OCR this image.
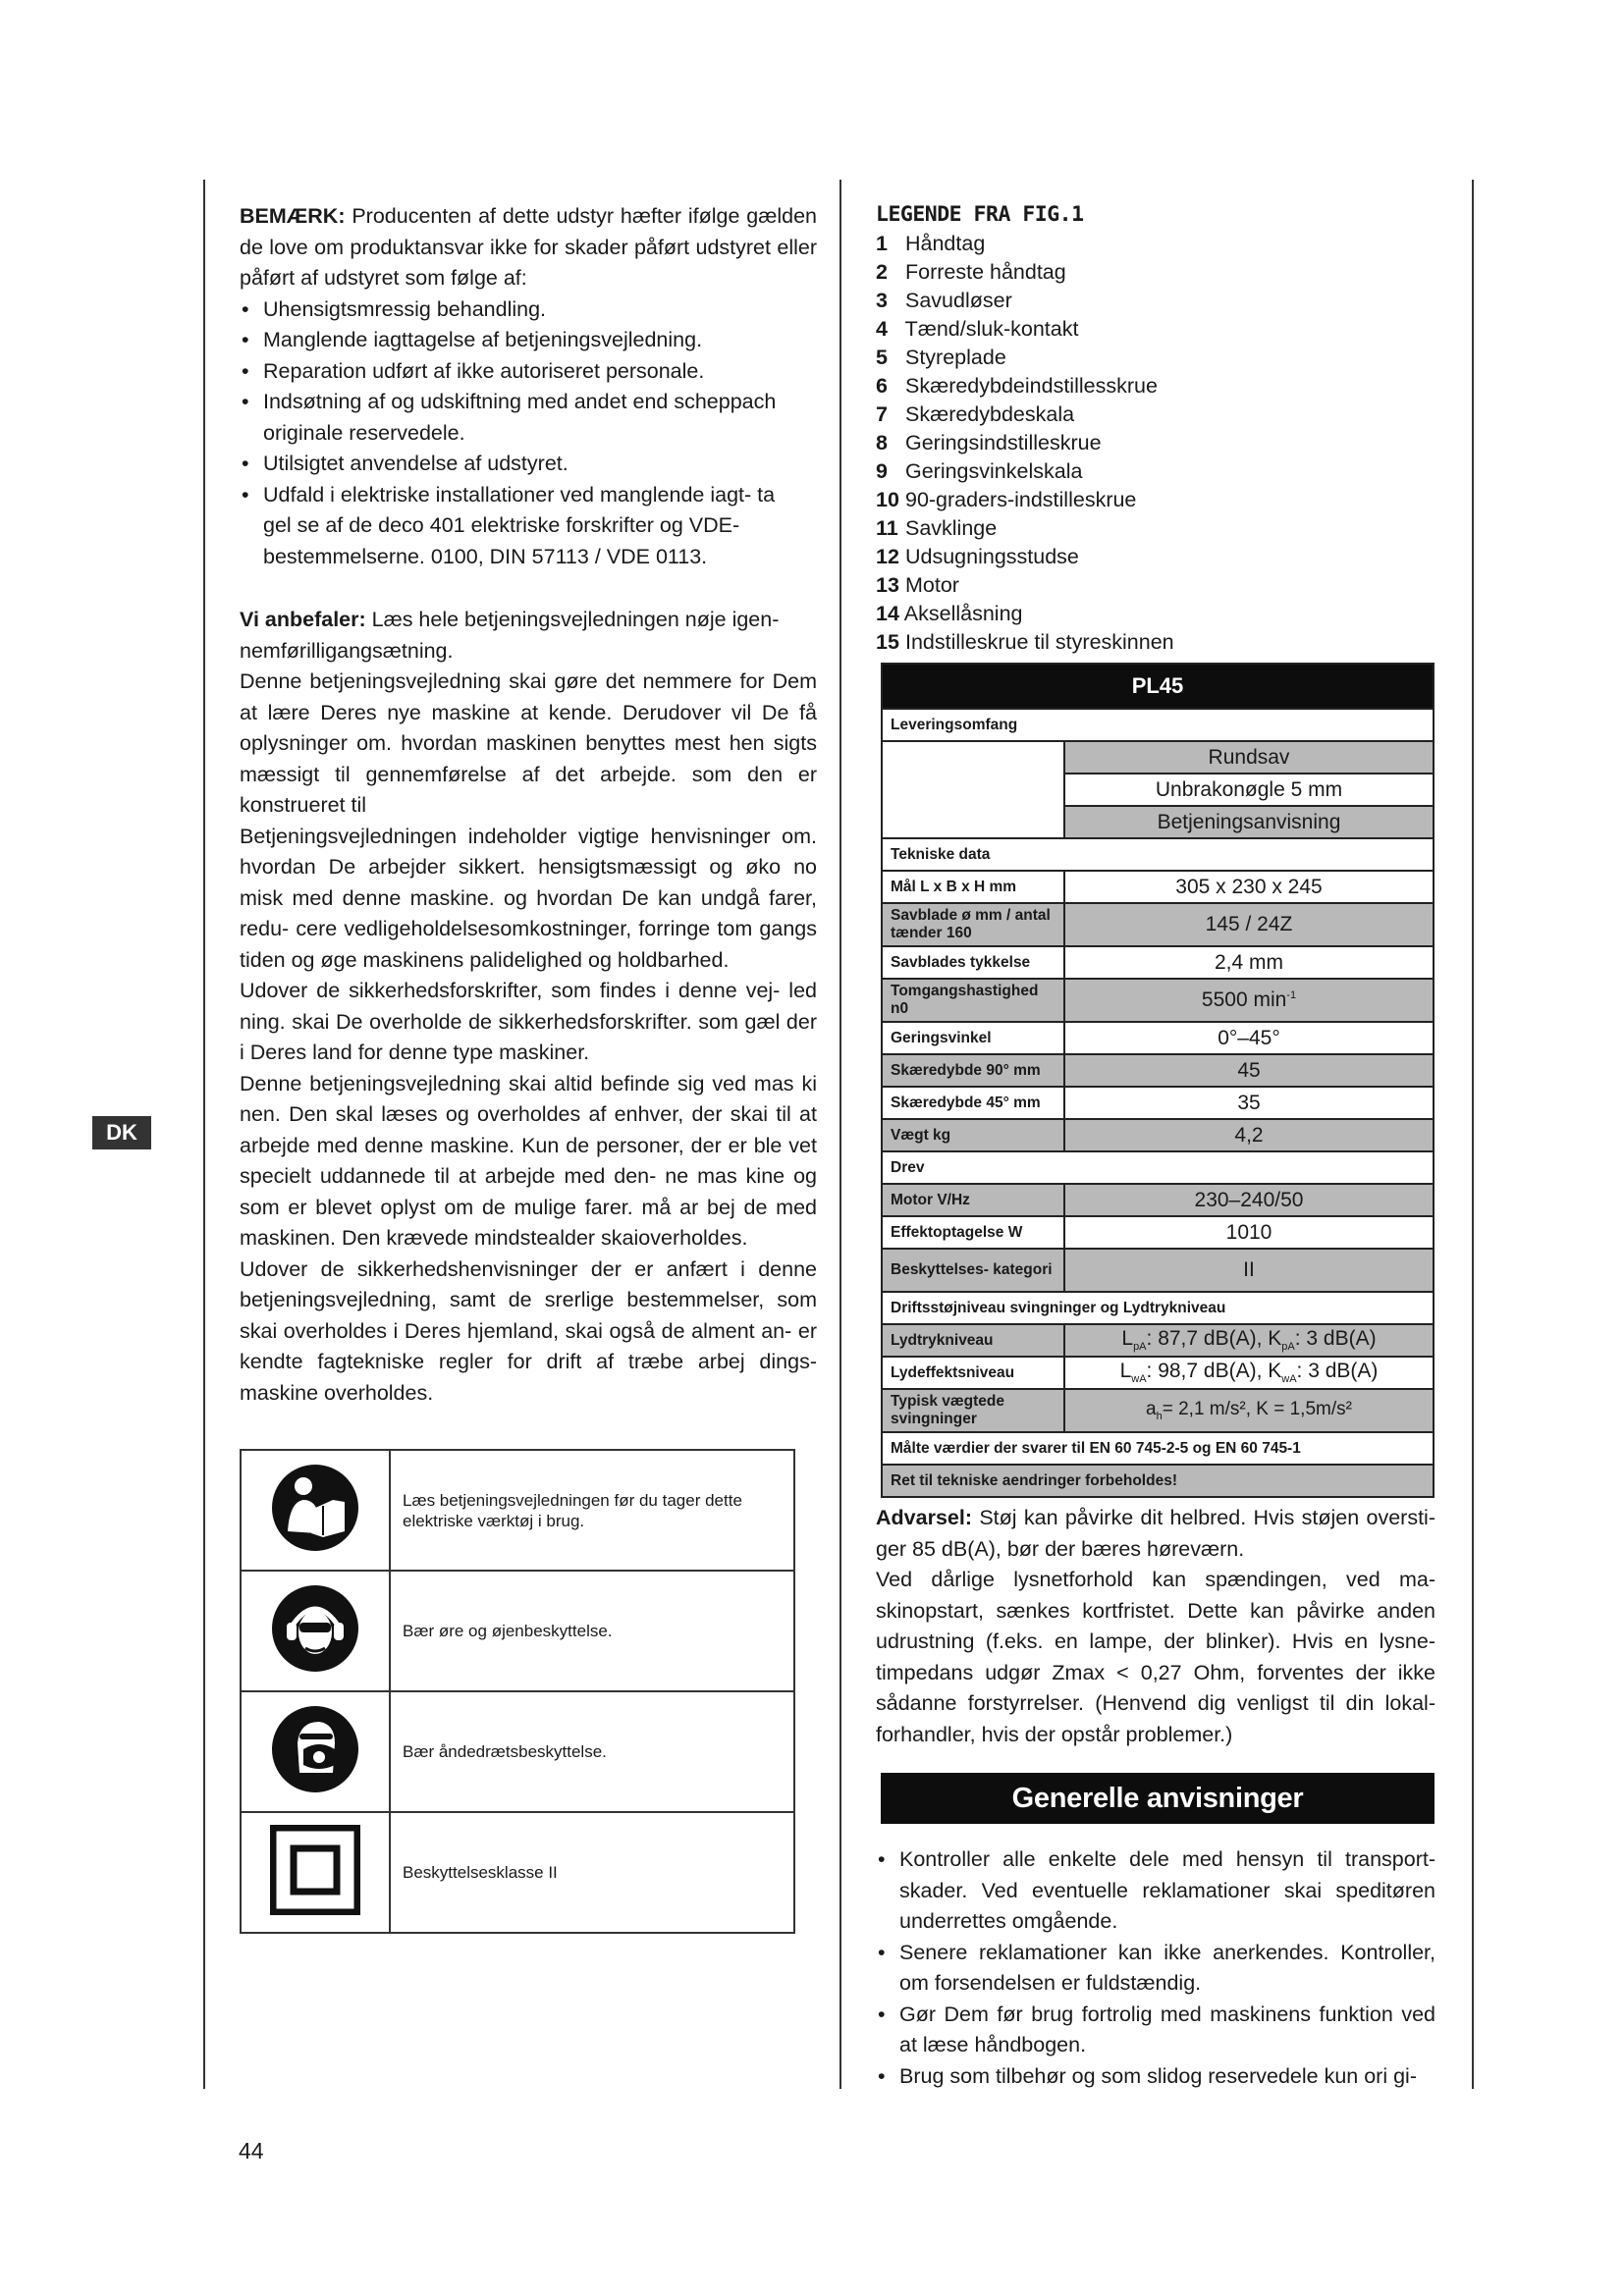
DK

BEMÆRK: Producenten af dette udstyr hæfter ifølge gælden de love om produktansvar ikke for skader påført udstyret eller påført af udstyret som følge af:

• Uhensigtsmressig behandling.
• Manglende iagttagelse af betjeningsvejledning.
• Reparation udført af ikke autoriseret personale.
• Indsøtning af og udskiftning med andet end scheppach originale reservedele.
• Utilsigtet anvendelse af udstyret.
• Udfald i elektriske installationer ved manglende iagt- ta gel se af de deco 401 elektriske forskrifter og VDE- bestemmelserne. 0100, DIN 57113 / VDE 0113.

Vi anbefaler: Læs hele betjeningsvejledningen nøje igen- nemførilligangsætning.

Denne betjeningsvejledning skai gøre det nemmere for Dem at lære Deres nye maskine at kende. Derudover vil De få oplysninger om. hvordan maskinen benyttes mest hen sigts mæssigt til gennemførelse af det arbejde. som den er konstrueret til

Betjeningsvejledningen indeholder vigtige henvisninger om. hvordan De arbejder sikkert. hensigtsmæssigt og øko no misk med denne maskine. og hvordan De kan undgå farer, redu- cere vedligeholdelsesomkostninger, forringe tom gangs tiden og øge maskinens palidelighed og holdbarhed.

Udover de sikkerhedsforskrifter, som findes i denne vej- led ning. skai De overholde de sikkerhedsforskrifter. som gæl der i Deres land for denne type maskiner.

Denne betjeningsvejledning skai altid befinde sig ved mas ki nen. Den skal læses og overholdes af enhver, der skai til at arbejde med denne maskine. Kun de personer, der er ble vet specielt uddannede til at arbejde med den- ne mas kine og som er blevet oplyst om de mulige farer. må ar bej de med maskinen. Den krævede mindstealder skaioverholdes.

Udover de sikkerhedshenvisninger der er anfært i denne betjeningsvejledning, samt de srerlige bestemmelser, som skai overholdes i Deres hjemland, skai også de alment an- er kendte fagtekniske regler for drift af træbe arbej dings- maskine overholdes.

	Læs betjeningsvejledningen før du tager dette elektriske værktøj i brug.
	Bær øre og øjenbeskyttelse.
	Bær åndedrætsbeskyttelse.
	Beskyttelsesklasse II
LEGENDE FRA FIG.1
1 Håndtag
2 Forreste håndtag
3 Savudløser
4 Tænd/sluk-kontakt
5 Styreplade
6 Skæredybdeindstillesskrue
7 Skæredybdeskala
8 Geringsindstilleskrue
9 Geringsvinkelskala
10 90-graders-indstilleskrue
11 Savklinge
12 Udsugningsstudse
13 Motor
14 Aksellåsning
15 Indstilleskrue til styreskinnen
PL45	
Leveringsomfang	
	Rundsav
	Unbrakonøgle 5 mm
	Betjeningsanvisning
Tekniske data	
Mål L x B x H mm	305 x 230 x 245
Savblade ø mm / antal tænder 160	145 / 24Z
Savblades tykkelse	2,4 mm
Tomgangshastighed n0	5500 $\min^{-1}$
Geringsvinkel	0°–45°
Skæredybde 90° mm	45
Skæredybde 45° mm	35
Vægt kg	4,2
Drev	
Motor V/Hz	230–240/50
Effektoptagelse W	1010
Beskyttelses- kategori	II
Driftsstøjniveau svingninger og Lydtrykniveau	
Lydtrykniveau	$L_{pA}$: 87,7 dB(A), $K_{pA}$: 3 dB(A)
Lydeffektsniveau	$L_{wA}$: 98,7 dB(A), $K_{wA}$: 3 dB(A)
Typisk vægtede svingninger	$a_h= 2,1$ m/s², K = 1,5m/s²
Målte værdier der svarer til EN 60 745-2-5 og EN 60 745-1	
Ret til tekniske aendringer forbeholdes!	

Advarsel: Støj kan påvirke dit helbred. Hvis støjen oversti- ger 85 dB(A), bør der bæres høreværn.

Ved dårlige lysnetforhold kan spændingen, ved ma- skinopstart, sænkes kortfristet. Dette kan påvirke anden udrustning (f.eks. en lampe, der blinker). Hvis en lysne- timpedans udgør Zmax < 0,27 Ohm, forventes der ikke sådanne forstyrrelser. (Henvend dig venligst til din lokal- forhandler, hvis der opstår problemer.)

Generelle anvisninger
• Kontroller alle enkelte dele med hensyn til transport- skader. Ved eventuelle reklamationer skai speditøren underrettes omgående.
• Senere reklamationer kan ikke anerkendes. Kontroller, om forsendelsen er fuldstændig.
• Gør Dem før brug fortrolig med maskinens funktion ved at læse håndbogen.
• Brug som tilbehør og som slidog reservedele kun ori gi-
44
